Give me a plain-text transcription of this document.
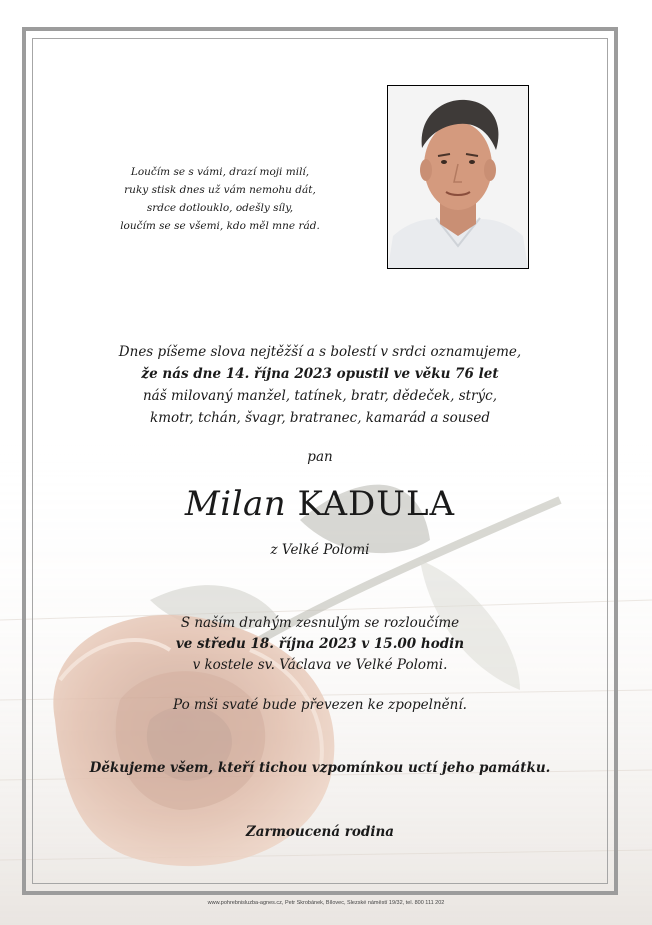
Loučím se s vámi, drazí moji milí,
ruky stisk dnes už vám nemohu dát,
srdce dotlouklo, odešly síly,
loučím se se všemi, kdo měl mne rád.
Dnes píšeme slova nejtěžší a s bolestí v srdci oznamujeme,
že nás dne 14. října 2023 opustil ve věku 76 let
náš milovaný manžel, tatínek, bratr, dědeček, strýc,
kmotr, tchán, švagr, bratranec, kamarád a soused
pan
Milan KADULA
z Velké Polomi
S naším drahým zesnulým se rozloučíme
ve středu 18. října 2023 v 15.00 hodin
v kostele sv. Václava ve Velké Polomi.
Po mši svaté bude převezen ke zpopelnění.
Děkujeme všem, kteří tichou vzpomínkou uctí jeho památku.
Zarmoucená rodina
www.pohrebnisluzba-agnes.cz, Petr Skrobánek, Bílovec, Slezské náměstí 19/32, tel. 800 111 202
